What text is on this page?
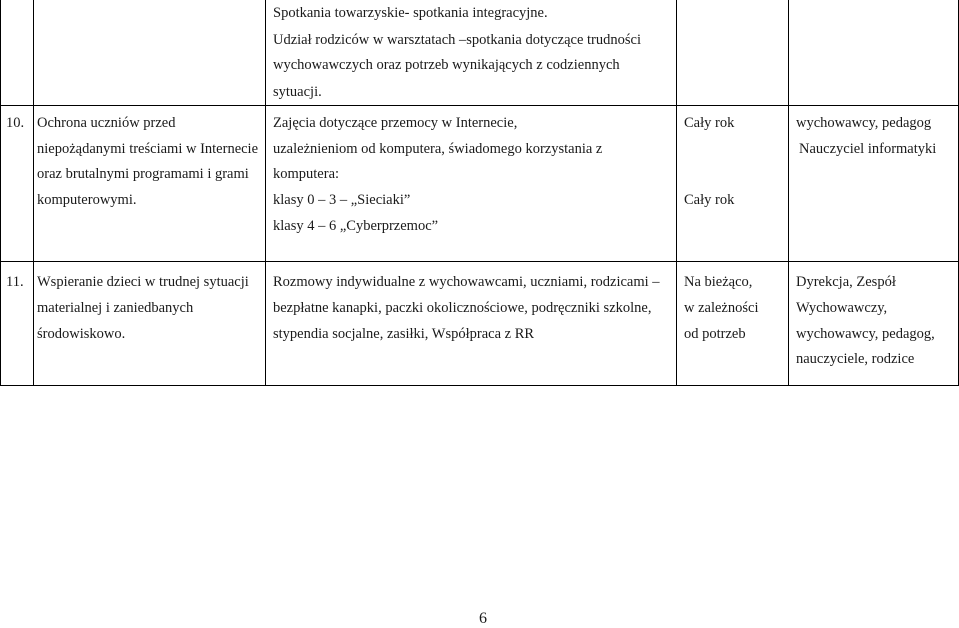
Spotkania towarzyskie- spotkania integracyjne.
Udział rodziców w warsztatach –spotkania dotyczące trudności
wychowawczych oraz potrzeb wynikających z codziennych
sytuacji.
10. Ochrona uczniów przed
niepożądanymi treściami w Internecie
oraz brutalnymi programami i grami
komputerowymi.
Zajęcia dotyczące przemocy w Internecie,
uzależnieniom od komputera, świadomego korzystania z
komputera:
klasy 0 – 3 – „Sieciaki”
klasy 4 – 6 „Cyberprzemoc”
Cały rok
Cały rok
wychowawcy, pedagog
Nauczyciel informatyki
11. Wspieranie dzieci w trudnej sytuacji
materialnej i zaniedbanych
środowiskowo.
Rozmowy indywidualne z wychowawcami, uczniami, rodzicami –
bezpłatne kanapki, paczki okolicznościowe, podręczniki szkolne,
stypendia socjalne, zasiłki, Współpraca z RR
Na bieżąco,
w zależności
od potrzeb
Dyrekcja, Zespół
Wychowawczy,
wychowawcy, pedagog,
nauczyciele, rodzice
6
